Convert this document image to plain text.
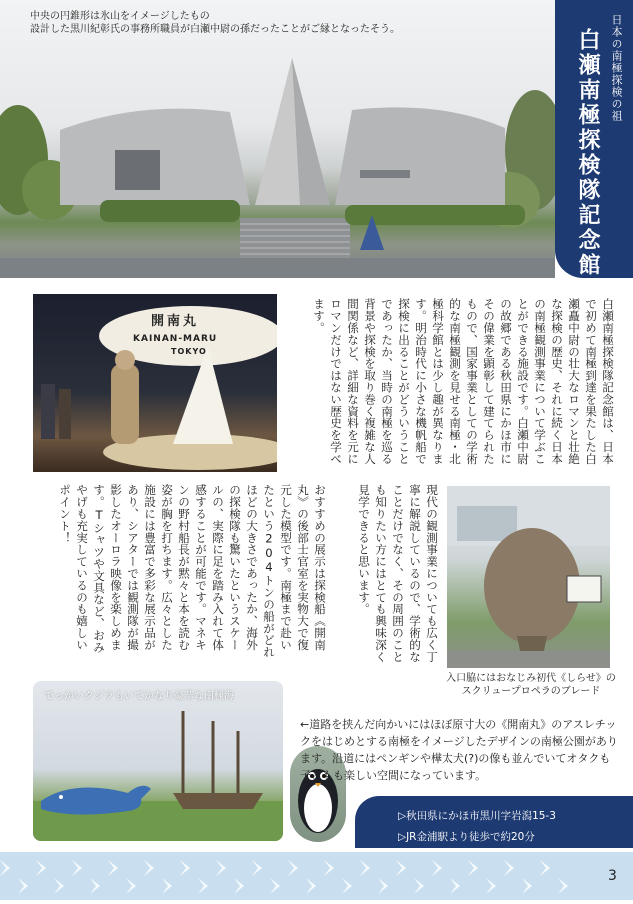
中央の円錐形は氷山をイメージしたもの
設計した黒川紀彰氏の事務所職員が白瀬中尉の孫だったことがご縁となったそう。	日本の南極探検の祖
白瀬南極探検隊記念館
開南丸
KAINAN-MARU
TOKYO	白瀬南極探検隊記念館は、日本で初めて南極到達を果たした白瀬矗中尉の壮大なロマンと壮絶な探検の歴史、それに続く日本の南極観測事業について学ぶことができる施設です。白瀬中尉の故郷である秋田県にかほ市にその偉業を顕彰して建てられたもので、国家事業としての学術的な南極観測を見せる南極・北極科学館とは少し趣が異なります。明治時代に小さな機帆船で探検に出ることがどういうことであったか、当時の南極を巡る背景や探検を取り巻く複雑な人間関係など、詳細な資料を元にロマンだけではない歴史を学べます。
現代の観測事業についても広く丁寧に解説しているので、学術的なことだけでなく、その周囲のことも知りたい方にはとても興味深く見学できると思います。
おすすめの展示は探検船《開南丸》の後部士官室を実物大で復元した模型です。南極まで赴いたという204トンの船がどれほどの大きさであったか、海外の探検隊も驚いたというスケールの、実際に足を踏み入れて体感することが可能です。マネキンの野村船長が黙々と本を読む姿が胸を打ちます。広々とした施設には豊富で多彩な展示品があり、シアターでは観測隊が撮影したオーロラ映像を楽しめます。Tシャツや文具など、おみやげも充実しているのも嬉しいポイント！
入口脇にはおなじみ初代《しらせ》の
スクリュープロペラのブレード
でっかいクジラもいてかなり豪華な南極海
←道路を挟んだ向かいにはほぼ原寸大の《開南丸》のアスレチックをはじめとする南極をイメージしたデザインの南極公園があります。沿道にはペンギンや樺太犬(?)の像も並んでいてオタクも子どもも楽しい空間になっています。
▷秋田県にかほ市黒川字岩潟15-3
▷JR金浦駅より徒歩で約20分
3
